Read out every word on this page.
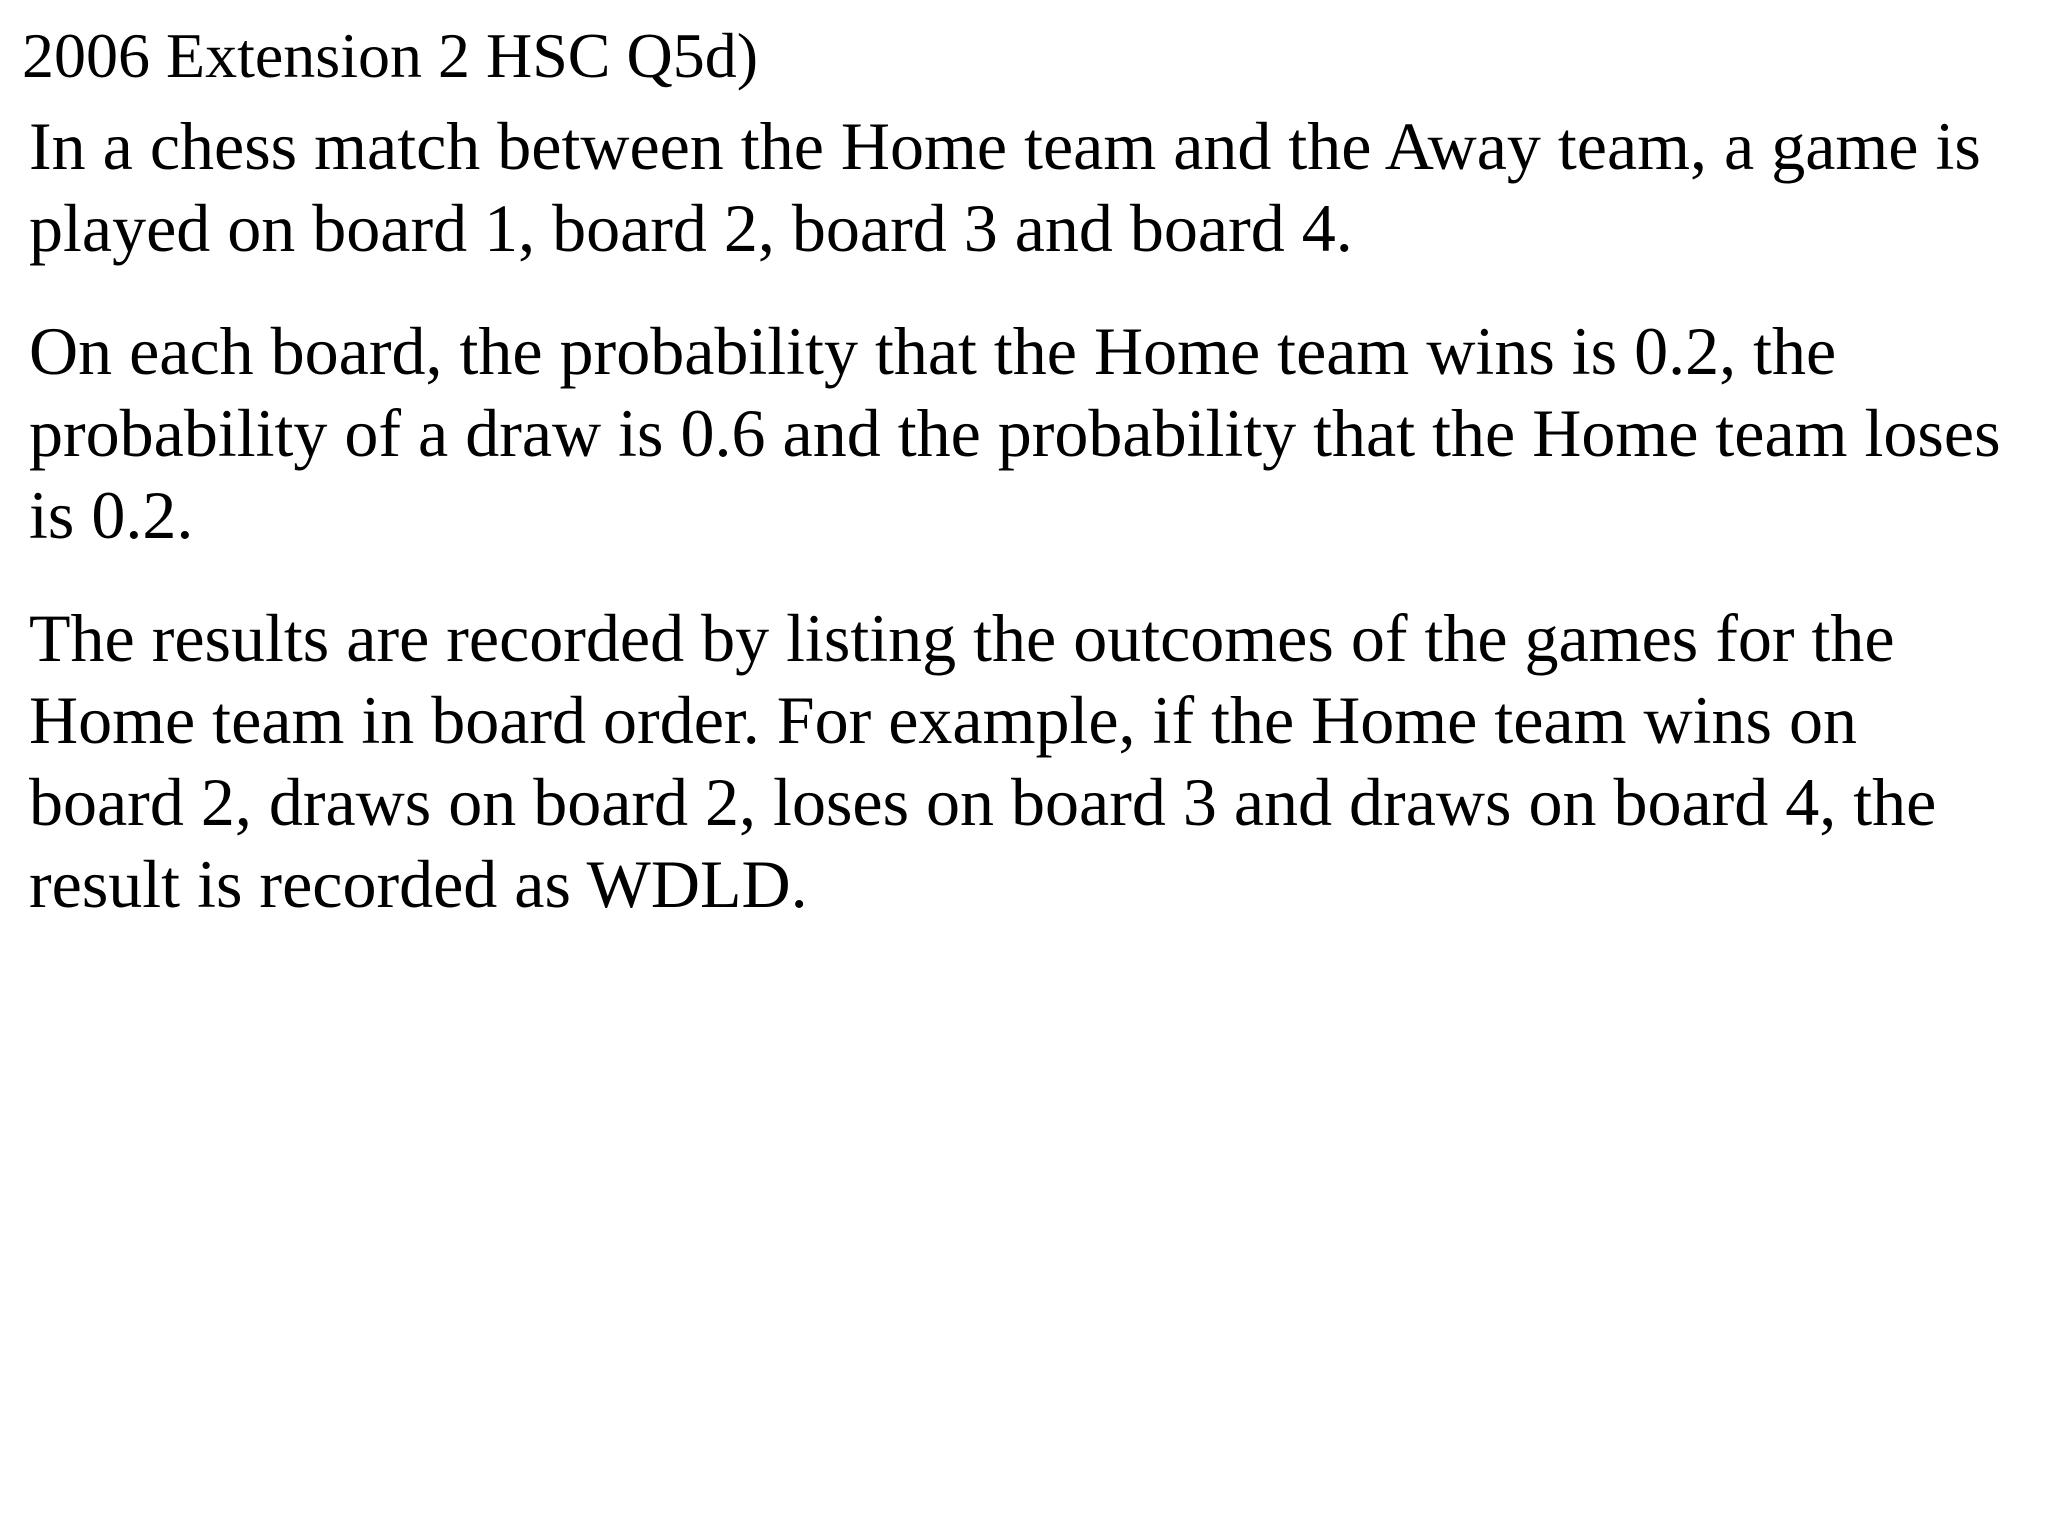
2006 Extension 2 HSC Q5d)

In a chess match between the Home team and the Away team, a game is
played on board 1, board 2, board 3 and board 4.

On each board, the probability that the Home team wins is 0.2, the
probability of a draw is 0.6 and the probability that the Home team loses
is 0.2.

The results are recorded by listing the outcomes of the games for the
Home team in board order. For example, if the Home team wins on
board 2, draws on board 2, loses on board 3 and draws on board 4, the
result is recorded as WDLD.
